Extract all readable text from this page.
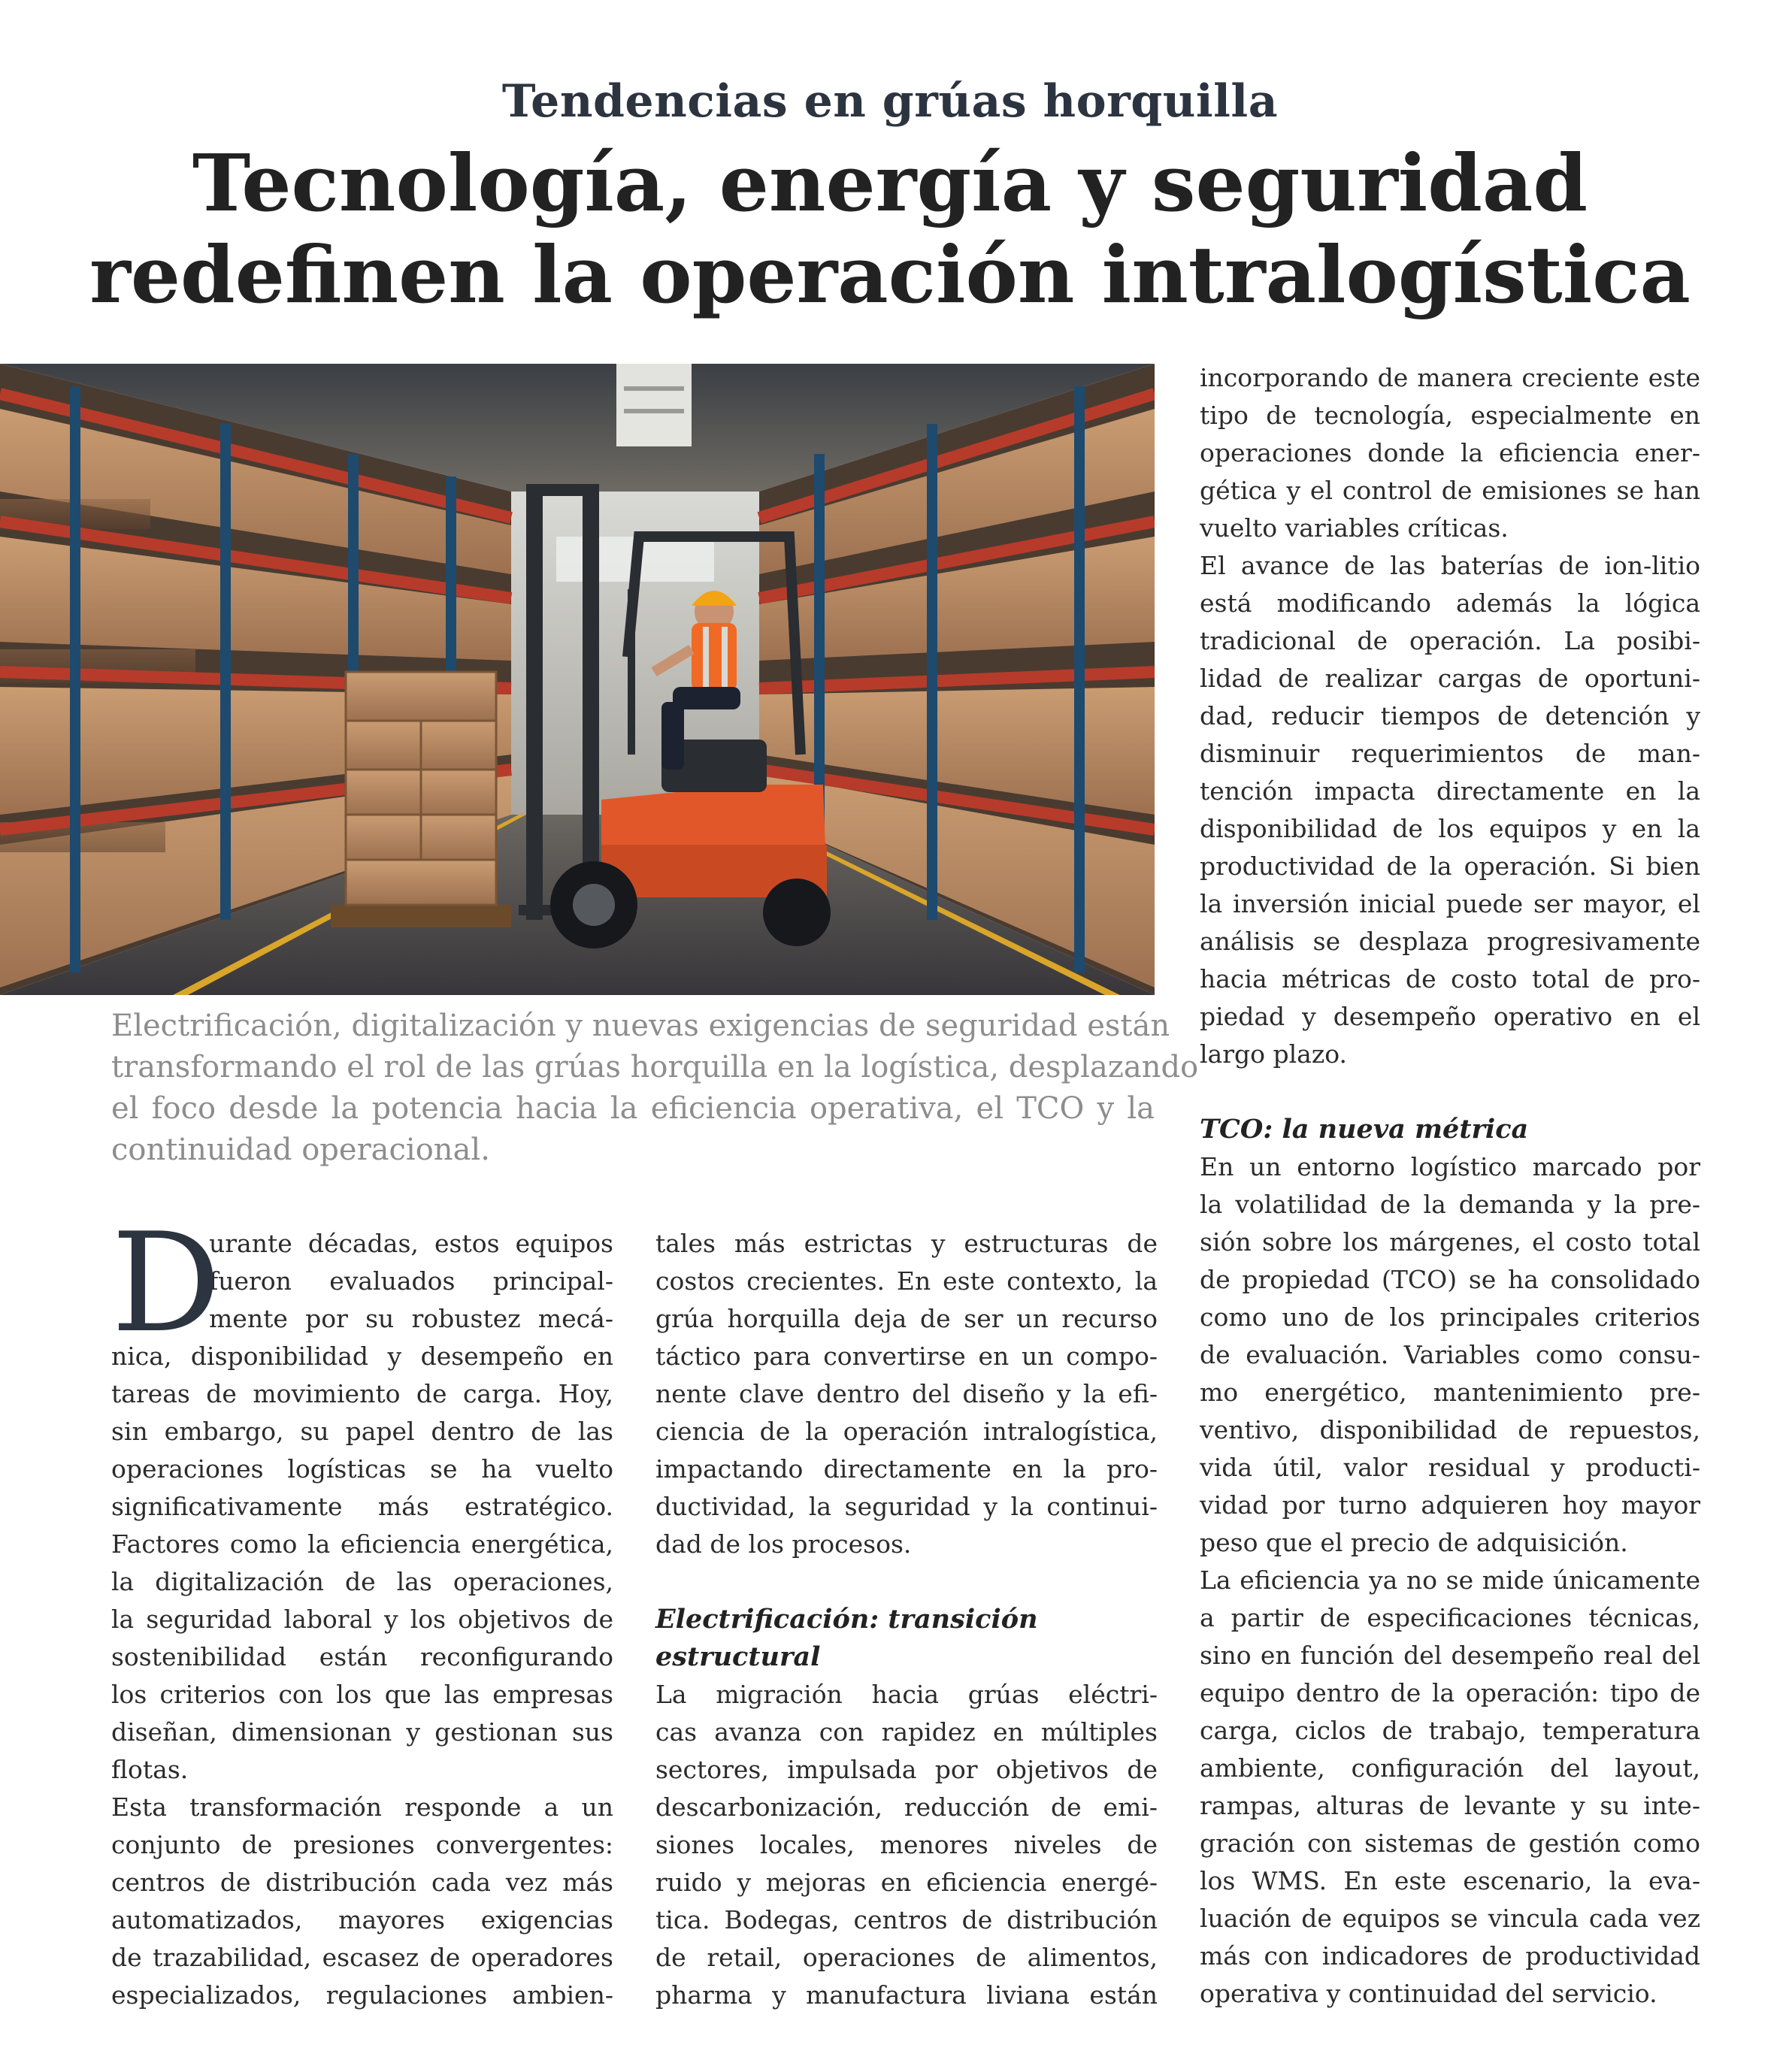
Tendencias en grúas horquilla
Tecnología, energía y seguridad
redefinen la operación intralogística
Electrificación, digitalización y nuevas exigencias de seguridad están
transformando el rol de las grúas horquilla en la logística, desplazando
el foco desde la potencia hacia la eficiencia operativa, el TCO y la
continuidad operacional.
D
urante décadas, estos equipos
fueron evaluados principal-
mente por su robustez mecá-
nica, disponibilidad y desempeño en
tareas de movimiento de carga. Hoy,
sin embargo, su papel dentro de las
operaciones logísticas se ha vuelto
significativamente más estratégico.
Factores como la eficiencia energética,
la digitalización de las operaciones,
la seguridad laboral y los objetivos de
sostenibilidad están reconfigurando
los criterios con los que las empresas
diseñan, dimensionan y gestionan sus
flotas.
Esta transformación responde a un
conjunto de presiones convergentes:
centros de distribución cada vez más
automatizados, mayores exigencias
de trazabilidad, escasez de operadores
especializados, regulaciones ambien-
tales más estrictas y estructuras de
costos crecientes. En este contexto, la
grúa horquilla deja de ser un recurso
táctico para convertirse en un compo-
nente clave dentro del diseño y la efi-
ciencia de la operación intralogística,
impactando directamente en la pro-
ductividad, la seguridad y la continui-
dad de los procesos.
Electrificación: transición
estructural
La migración hacia grúas eléctri-
cas avanza con rapidez en múltiples
sectores, impulsada por objetivos de
descarbonización, reducción de emi-
siones locales, menores niveles de
ruido y mejoras en eficiencia energé-
tica. Bodegas, centros de distribución
de retail, operaciones de alimentos,
pharma y manufactura liviana están
incorporando de manera creciente este
tipo de tecnología, especialmente en
operaciones donde la eficiencia ener-
gética y el control de emisiones se han
vuelto variables críticas.
El avance de las baterías de ion-litio
está modificando además la lógica
tradicional de operación. La posibi-
lidad de realizar cargas de oportuni-
dad, reducir tiempos de detención y
disminuir requerimientos de man-
tención impacta directamente en la
disponibilidad de los equipos y en la
productividad de la operación. Si bien
la inversión inicial puede ser mayor, el
análisis se desplaza progresivamente
hacia métricas de costo total de pro-
piedad y desempeño operativo en el
largo plazo.
TCO: la nueva métrica
En un entorno logístico marcado por
la volatilidad de la demanda y la pre-
sión sobre los márgenes, el costo total
de propiedad (TCO) se ha consolidado
como uno de los principales criterios
de evaluación. Variables como consu-
mo energético, mantenimiento pre-
ventivo, disponibilidad de repuestos,
vida útil, valor residual y producti-
vidad por turno adquieren hoy mayor
peso que el precio de adquisición.
La eficiencia ya no se mide únicamente
a partir de especificaciones técnicas,
sino en función del desempeño real del
equipo dentro de la operación: tipo de
carga, ciclos de trabajo, temperatura
ambiente, configuración del layout,
rampas, alturas de levante y su inte-
gración con sistemas de gestión como
los WMS. En este escenario, la eva-
luación de equipos se vincula cada vez
más con indicadores de productividad
operativa y continuidad del servicio.
